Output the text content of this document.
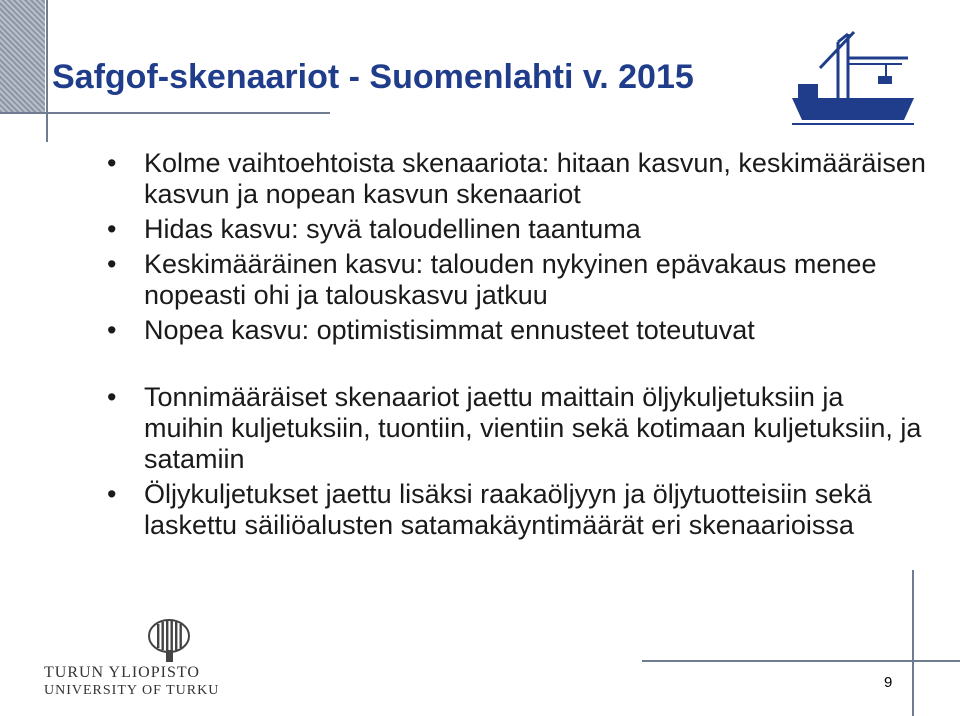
Safgof-skenaariot - Suomenlahti v. 2015
• Kolme vaihtoehtoista skenaariota: hitaan kasvun, keskimääräisen kasvun ja nopean kasvun skenaariot
• Hidas kasvu: syvä taloudellinen taantuma
• Keskimääräinen kasvu: talouden nykyinen epävakaus menee nopeasti ohi ja talouskasvu jatkuu
• Nopea kasvu: optimistisimmat ennusteet toteutuvat
• Tonnimääräiset skenaariot jaettu maittain öljykuljetuksiin ja muihin kuljetuksiin, tuontiin, vientiin sekä kotimaan kuljetuksiin, ja satamiin
• Öljykuljetukset jaettu lisäksi raakaöljyyn ja öljytuotteisiin sekä laskettu säiliöalusten satamakäyntimäärät eri skenaarioissa
TURUN YLIOPISTO
UNIVERSITY OF TURKU	9
